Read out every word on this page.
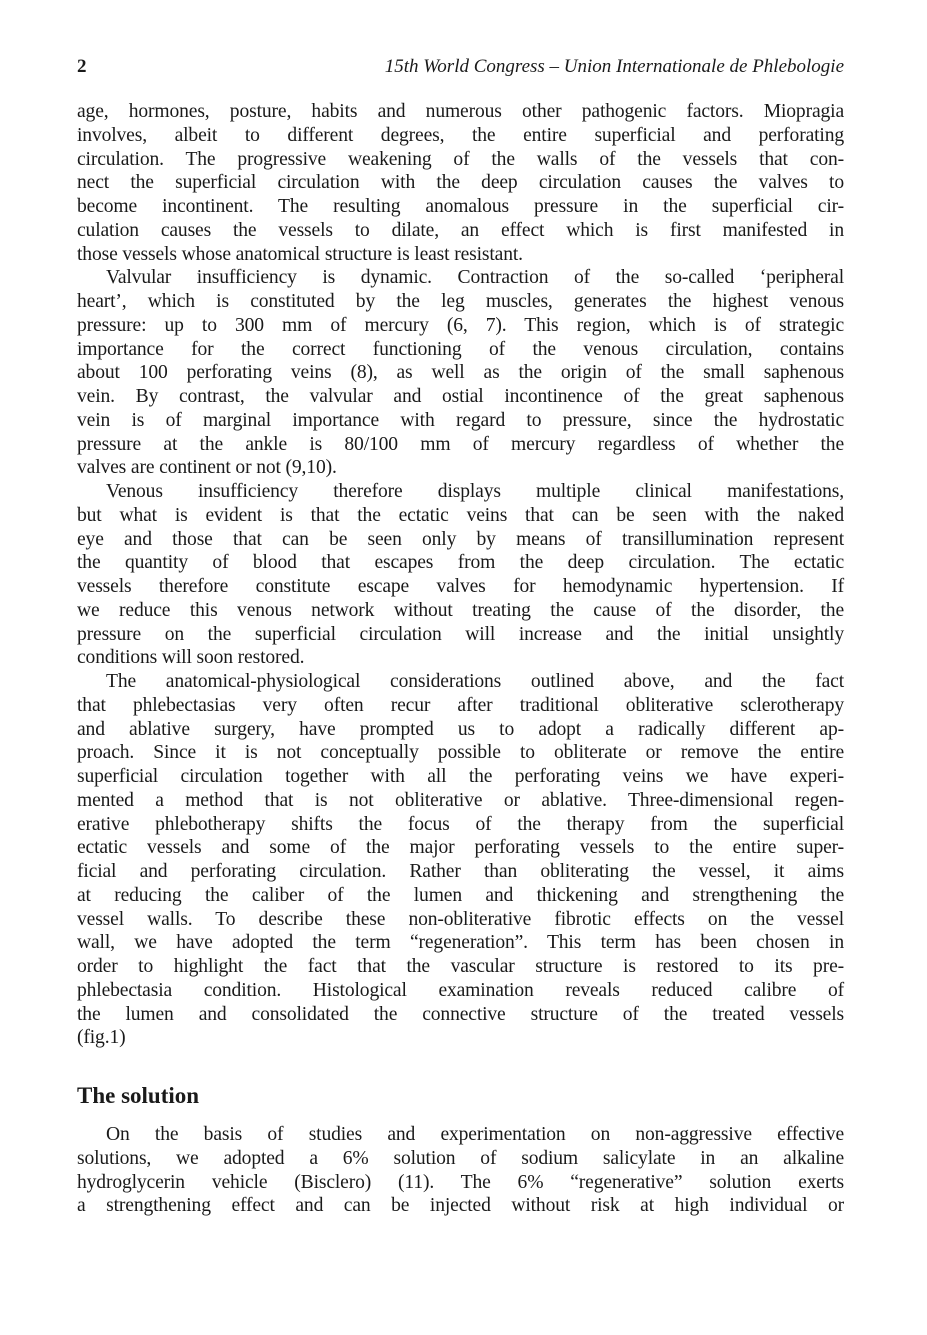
2	15th World Congress – Union Internationale de Phlebologie

age, hormones, posture, habits and numerous other pathogenic factors. Miopragia
involves, albeit to different degrees, the entire superficial and perforating
circulation. The progressive weakening of the walls of the vessels that con-
nect the superficial circulation with the deep circulation causes the valves to
become incontinent. The resulting anomalous pressure in the superficial cir-
culation causes the vessels to dilate, an effect which is first manifested in
those vessels whose anatomical structure is least resistant.

Valvular insufficiency is dynamic. Contraction of the so-called ‘peripheral
heart’, which is constituted by the leg muscles, generates the highest venous
pressure: up to 300 mm of mercury (6, 7). This region, which is of strategic
importance for the correct functioning of the venous circulation, contains
about 100 perforating veins (8), as well as the origin of the small saphenous
vein. By contrast, the valvular and ostial incontinence of the great saphenous
vein is of marginal importance with regard to pressure, since the hydrostatic
pressure at the ankle is 80/100 mm of mercury regardless of whether the
valves are continent or not (9,10).

Venous insufficiency therefore displays multiple clinical manifestations,
but what is evident is that the ectatic veins that can be seen with the naked
eye and those that can be seen only by means of transillumination represent
the quantity of blood that escapes from the deep circulation. The ectatic
vessels therefore constitute escape valves for hemodynamic hypertension. If
we reduce this venous network without treating the cause of the disorder, the
pressure on the superficial circulation will increase and the initial unsightly
conditions will soon restored.

The anatomical-physiological considerations outlined above, and the fact
that phlebectasias very often recur after traditional obliterative sclerotherapy
and ablative surgery, have prompted us to adopt a radically different ap-
proach. Since it is not conceptually possible to obliterate or remove the entire
superficial circulation together with all the perforating veins we have experi-
mented a method that is not obliterative or ablative. Three-dimensional regen-
erative phlebotherapy shifts the focus of the therapy from the superficial
ectatic vessels and some of the major perforating vessels to the entire super-
ficial and perforating circulation. Rather than obliterating the vessel, it aims
at reducing the caliber of the lumen and thickening and strengthening the
vessel walls. To describe these non-obliterative fibrotic effects on the vessel
wall, we have adopted the term “regeneration”. This term has been chosen in
order to highlight the fact that the vascular structure is restored to its pre-
phlebectasia condition. Histological examination reveals reduced calibre of
the lumen and consolidated the connective structure of the treated vessels
(fig.1)

The solution

On the basis of studies and experimentation on non-aggressive effective
solutions, we adopted a 6% solution of sodium salicylate in an alkaline
hydroglycerin vehicle (Bisclero) (11). The 6% “regenerative” solution exerts
a strengthening effect and can be injected without risk at high individual or
